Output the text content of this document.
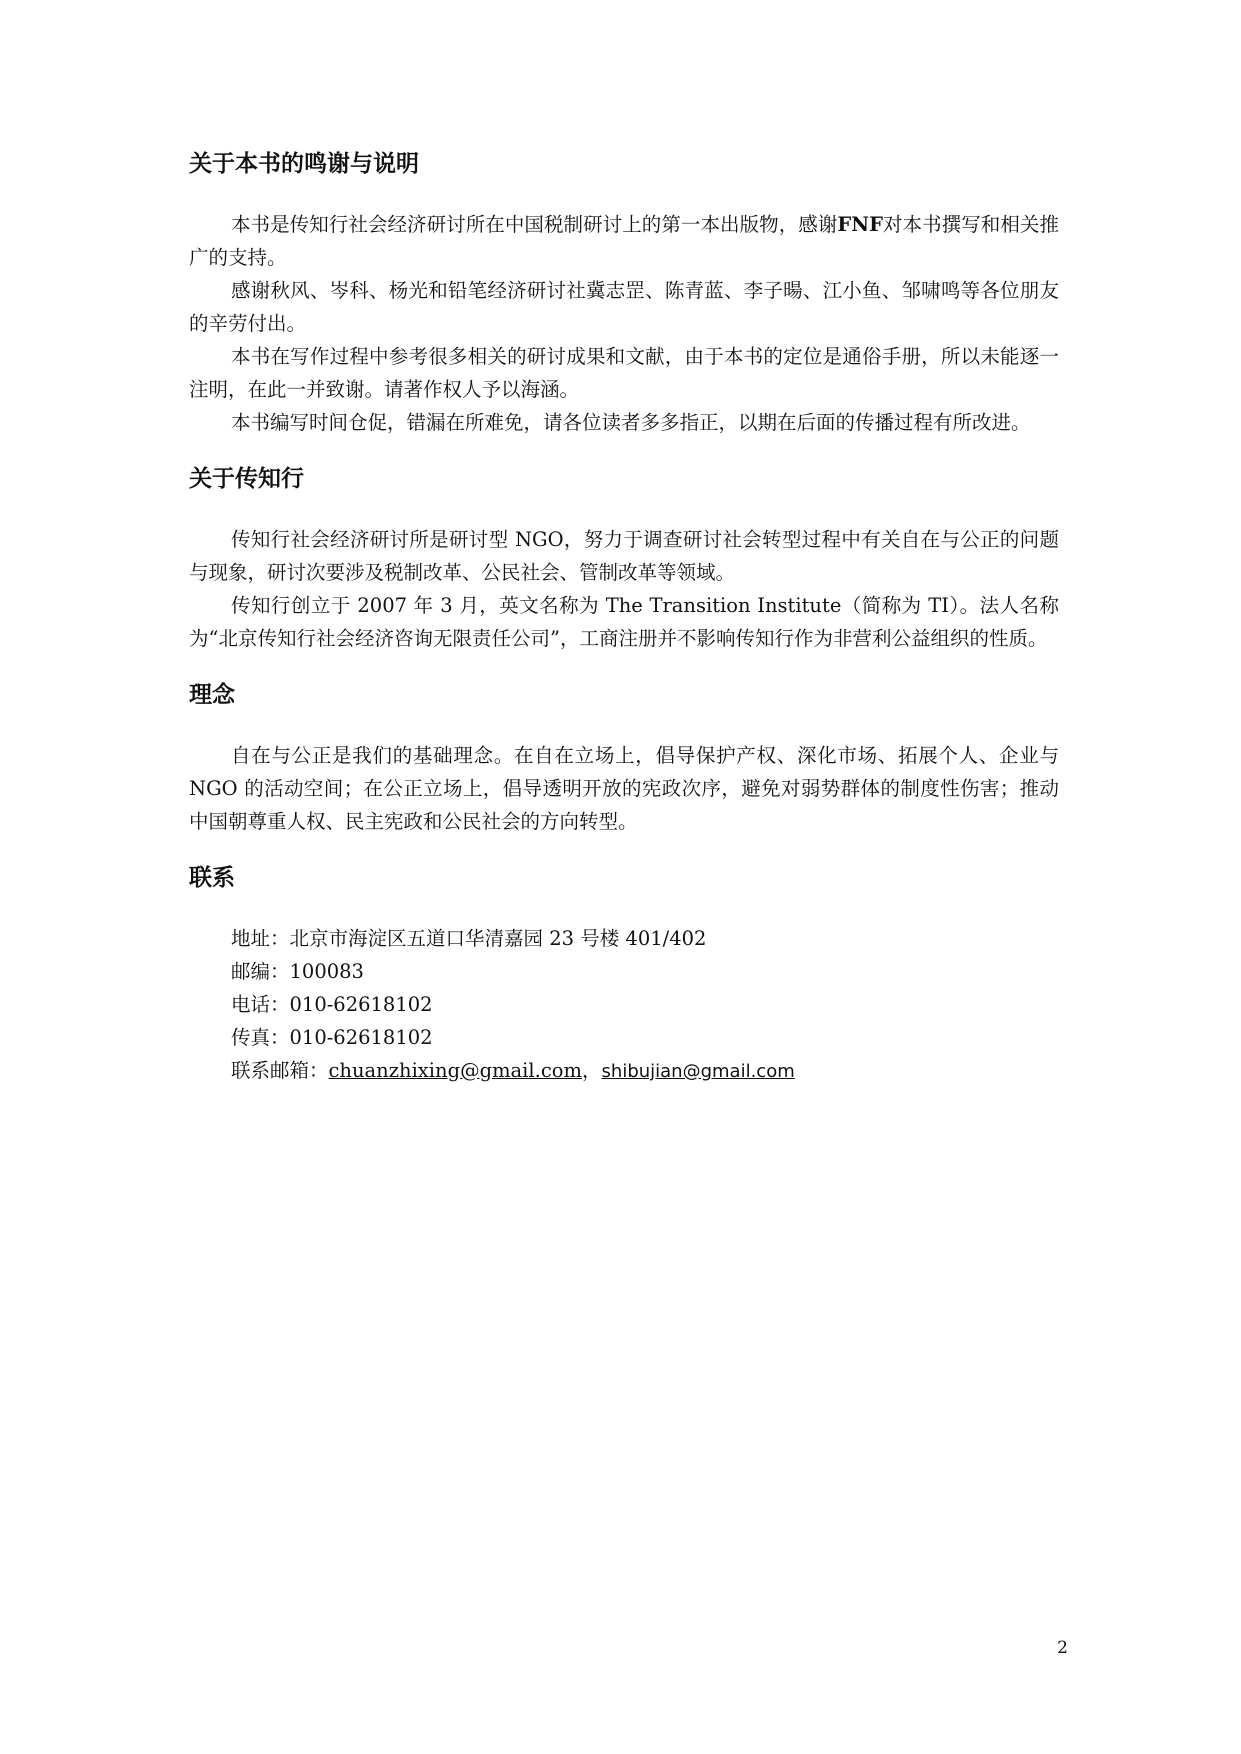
关于本书的鸣谢与说明

本书是传知行社会经济研讨所在中国税制研讨上的第一本出版物，感谢FNF对本书撰写和相关推广的支持。

感谢秋风、岑科、杨光和铅笔经济研讨社冀志罡、陈青蓝、李子暘、江小鱼、邹啸鸣等各位朋友的辛劳付出。

本书在写作过程中参考很多相关的研讨成果和文献，由于本书的定位是通俗手册，所以未能逐一注明，在此一并致谢。请著作权人予以海涵。

本书编写时间仓促，错漏在所难免，请各位读者多多指正，以期在后面的传播过程有所改进。

关于传知行

传知行社会经济研讨所是研讨型 NGO，努力于调查研讨社会转型过程中有关自在与公正的问题与现象，研讨次要涉及税制改革、公民社会、管制改革等领域。

传知行创立于 2007 年 3 月，英文名称为 The Transition Institute（简称为 TI）。法人名称为“北京传知行社会经济咨询无限责任公司”，工商注册并不影响传知行作为非营利公益组织的性质。

理念

自在与公正是我们的基础理念。在自在立场上，倡导保护产权、深化市场、拓展个人、企业与 NGO 的活动空间；在公正立场上，倡导透明开放的宪政次序，避免对弱势群体的制度性伤害；推动中国朝尊重人权、民主宪政和公民社会的方向转型。

联系

地址：北京市海淀区五道口华清嘉园 23 号楼 401/402

邮编：100083

电话：010-62618102

传真：010-62618102

联系邮箱：chuanzhixing@gmail.com，shibujian@gmail.com

2
